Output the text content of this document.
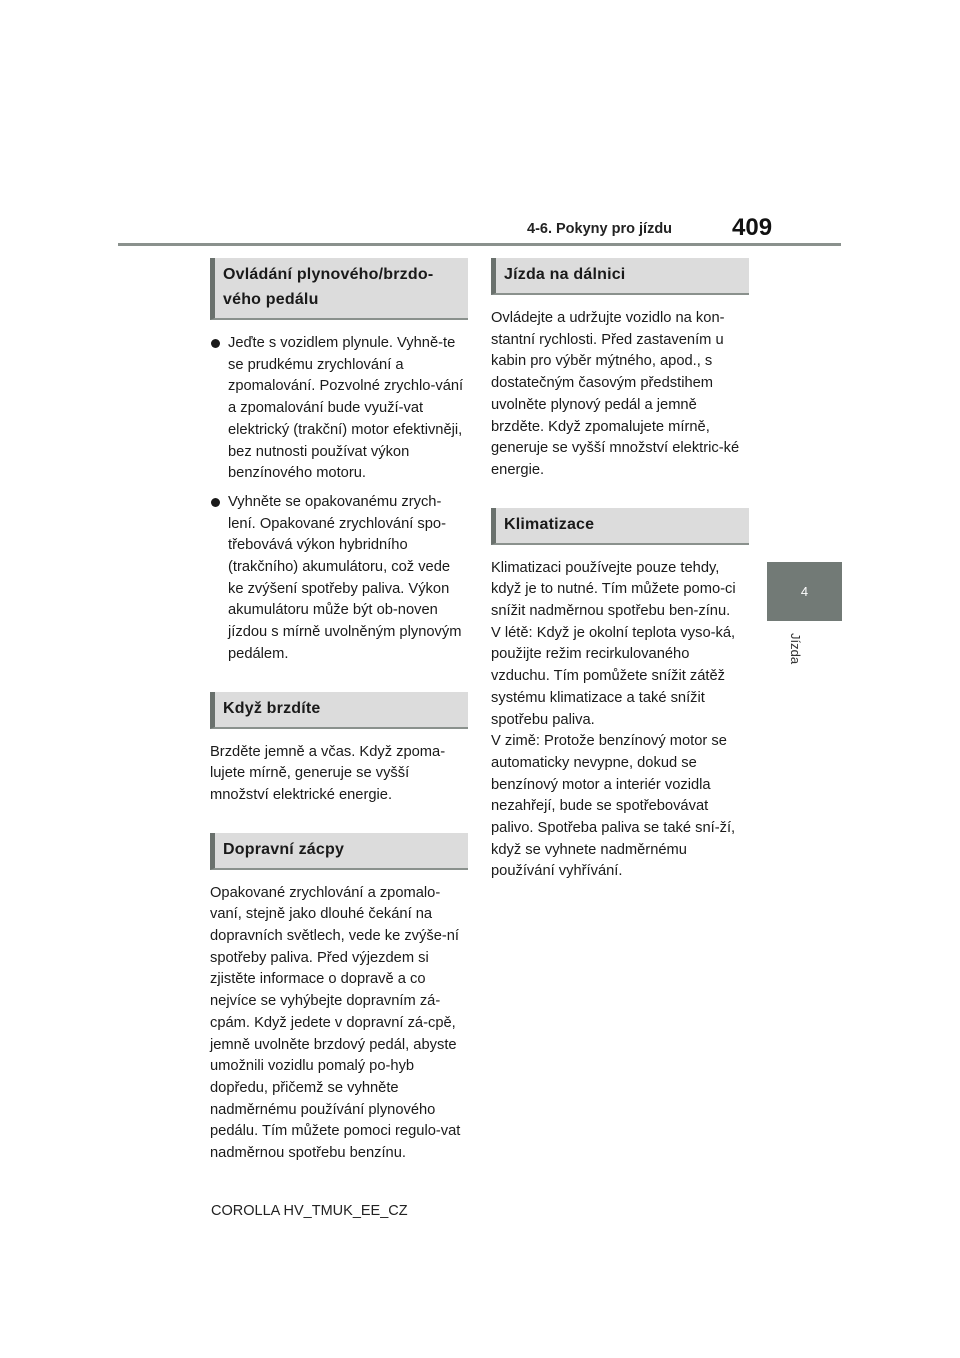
4-6. Pokyny pro jízdu 409
4
Jízda
Ovládání plynového/brzdo-vého pedálu
Jeďte s vozidlem plynule. Vyhně-te se prudkému zrychlování a zpomalování. Pozvolné zrychlo-vání a zpomalování bude využí-vat elektrický (trakční) motor efektivněji, bez nutnosti používat výkon benzínového motoru.
Vyhněte se opakovanému zrych-lení. Opakované zrychlování spo-třebovává výkon hybridního (trakčního) akumulátoru, což vede ke zvýšení spotřeby paliva. Výkon akumulátoru může být ob-noven jízdou s mírně uvolněným plynovým pedálem.
Když brzdíte

Brzděte jemně a včas. Když zpoma-lujete mírně, generuje se vyšší množství elektrické energie.

Dopravní zácpy

Opakované zrychlování a zpomalo-vaní, stejně jako dlouhé čekání na dopravních světlech, vede ke zvýše-ní spotřeby paliva. Před výjezdem si zjistěte informace o dopravě a co nejvíce se vyhýbejte dopravním zá-cpám. Když jedete v dopravní zá-cpě, jemně uvolněte brzdový pedál, abyste umožnili vozidlu pomalý po-hyb dopředu, přičemž se vyhněte nadměrnému používání plynového pedálu. Tím můžete pomoci regulo-vat nadměrnou spotřebu benzínu.

Jízda na dálnici

Ovládejte a udržujte vozidlo na kon-stantní rychlosti. Před zastavením u kabin pro výběr mýtného, apod., s dostatečným časovým předstihem uvolněte plynový pedál a jemně brzděte. Když zpomalujete mírně, generuje se vyšší množství elektric-ké energie.

Klimatizace

Klimatizaci používejte pouze tehdy, když je to nutné. Tím můžete pomo-ci snížit nadměrnou spotřebu ben-zínu.

V létě: Když je okolní teplota vyso-ká, použijte režim recirkulovaného vzduchu. Tím pomůžete snížit zátěž systému klimatizace a také snížit spotřebu paliva.

V zimě: Protože benzínový motor se automaticky nevypne, dokud se benzínový motor a interiér vozidla nezahřejí, bude se spotřebovávat palivo. Spotřeba paliva se také sní-ží, když se vyhnete nadměrnému používání vyhřívání.

COROLLA HV_TMUK_EE_CZ
